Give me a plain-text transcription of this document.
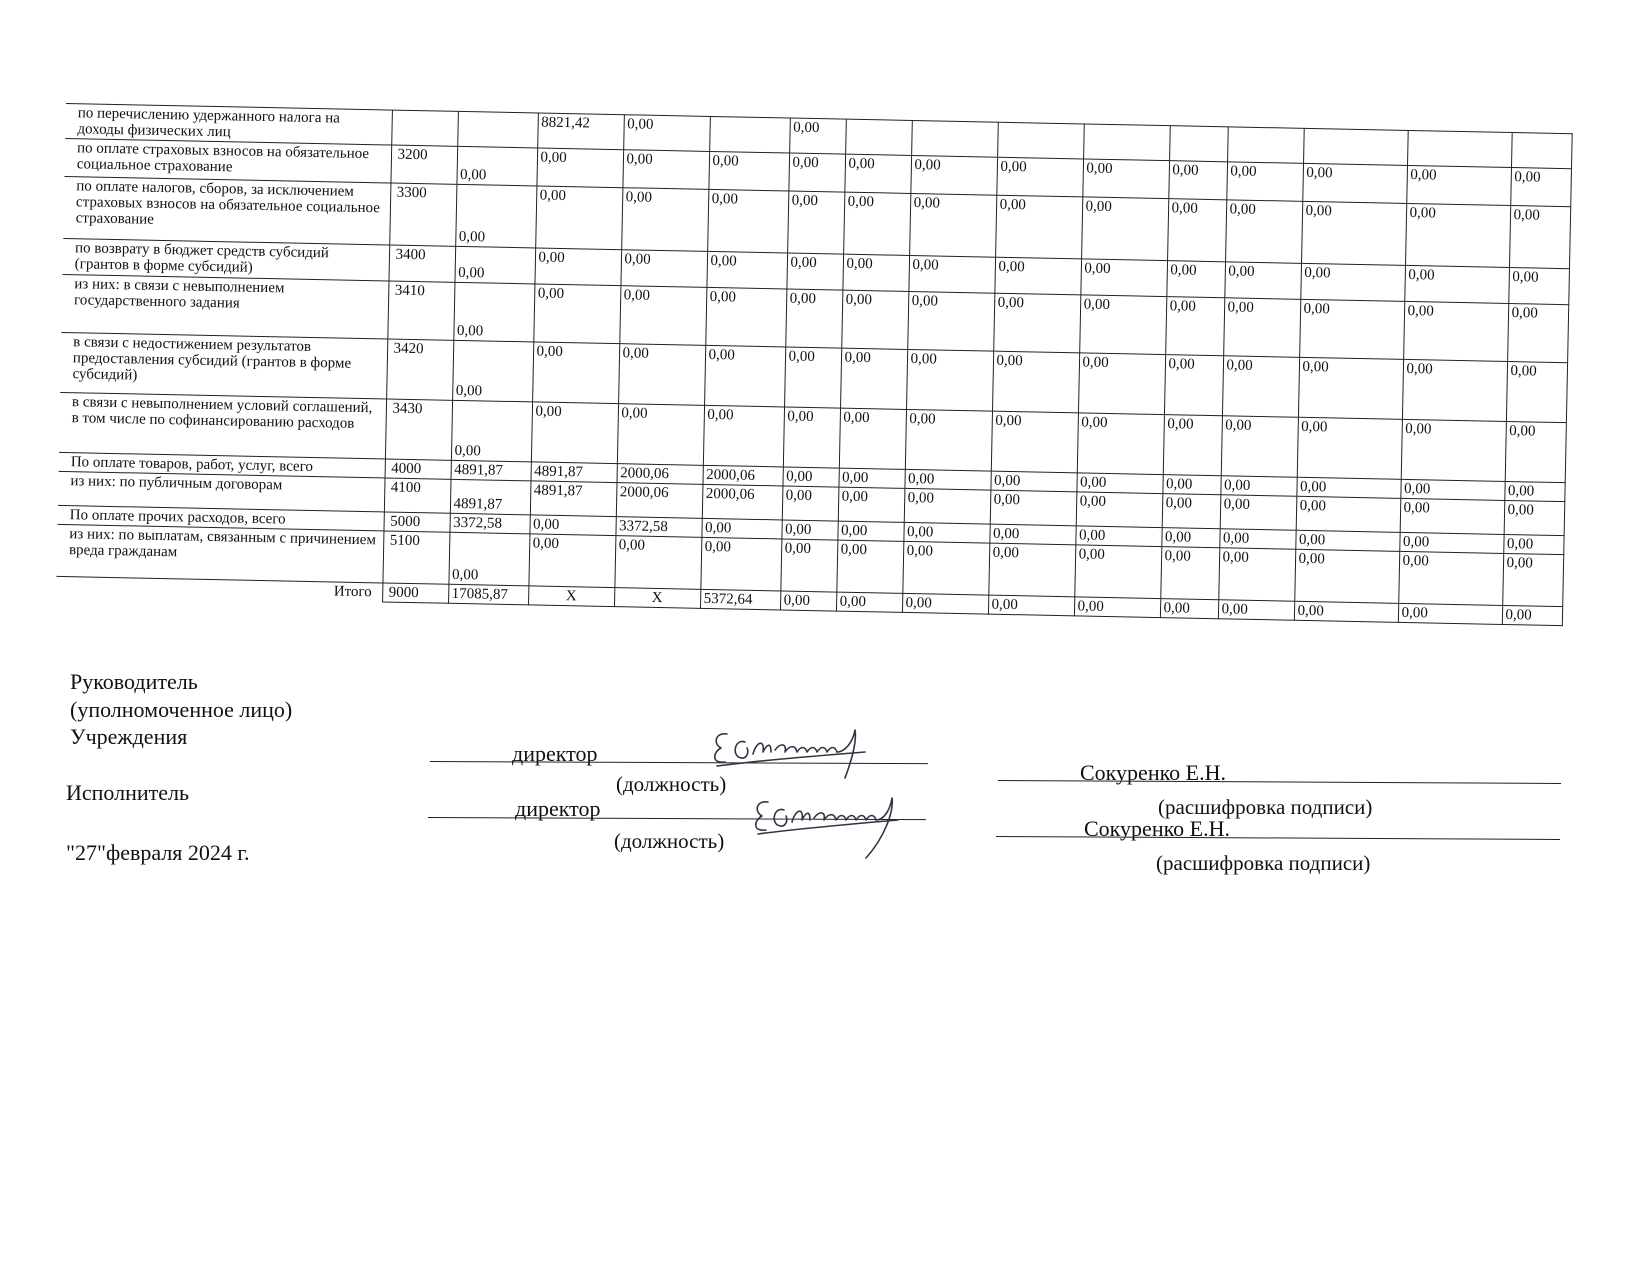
по перечислению удержанного налога на доходы физических лиц			8821,42	0,00		0,00									
по оплате страховых взносов на обязательное социальное страхование	3200	0,00	0,00	0,00	0,00	0,00	0,00	0,00	0,00	0,00	0,00	0,00	0,00	0,00	0,00
по оплате налогов, сборов, за исключением страховых взносов на обязательное социальное страхование	3300	0,00	0,00	0,00	0,00	0,00	0,00	0,00	0,00	0,00	0,00	0,00	0,00	0,00	0,00
по возврату в бюджет средств субсидий (грантов в форме субсидий)	3400	0,00	0,00	0,00	0,00	0,00	0,00	0,00	0,00	0,00	0,00	0,00	0,00	0,00	0,00
из них: в связи с невыполнением государственного задания	3410	0,00	0,00	0,00	0,00	0,00	0,00	0,00	0,00	0,00	0,00	0,00	0,00	0,00	0,00
в связи с недостижением результатов предоставления субсидий (грантов в форме субсидий)	3420	0,00	0,00	0,00	0,00	0,00	0,00	0,00	0,00	0,00	0,00	0,00	0,00	0,00	0,00
в связи с невыполнением условий соглашений, в том числе по софинансированию расходов	3430	0,00	0,00	0,00	0,00	0,00	0,00	0,00	0,00	0,00	0,00	0,00	0,00	0,00	0,00
По оплате товаров, работ, услуг, всего	4000	4891,87	4891,87	2000,06	2000,06	0,00	0,00	0,00	0,00	0,00	0,00	0,00	0,00	0,00	0,00
из них: по публичным договорам	4100	4891,87	4891,87	2000,06	2000,06	0,00	0,00	0,00	0,00	0,00	0,00	0,00	0,00	0,00	0,00
По оплате прочих расходов, всего	5000	3372,58	0,00	3372,58	0,00	0,00	0,00	0,00	0,00	0,00	0,00	0,00	0,00	0,00	0,00
из них: по выплатам, связанным с причинением вреда гражданам	5100	0,00	0,00	0,00	0,00	0,00	0,00	0,00	0,00	0,00	0,00	0,00	0,00	0,00	0,00
Итого	9000	17085,87	X	X	5372,64	0,00	0,00	0,00	0,00	0,00	0,00	0,00	0,00	0,00	0,00
Руководитель
(уполномоченное лицо)
Учреждения
директор
(должность)	Сокуренко Е.Н.
(расшифровка подписи)
Исполнитель
директор
(должность)	Сокуренко Е.Н.
(расшифровка подписи)
"27"февраля 2024 г.
